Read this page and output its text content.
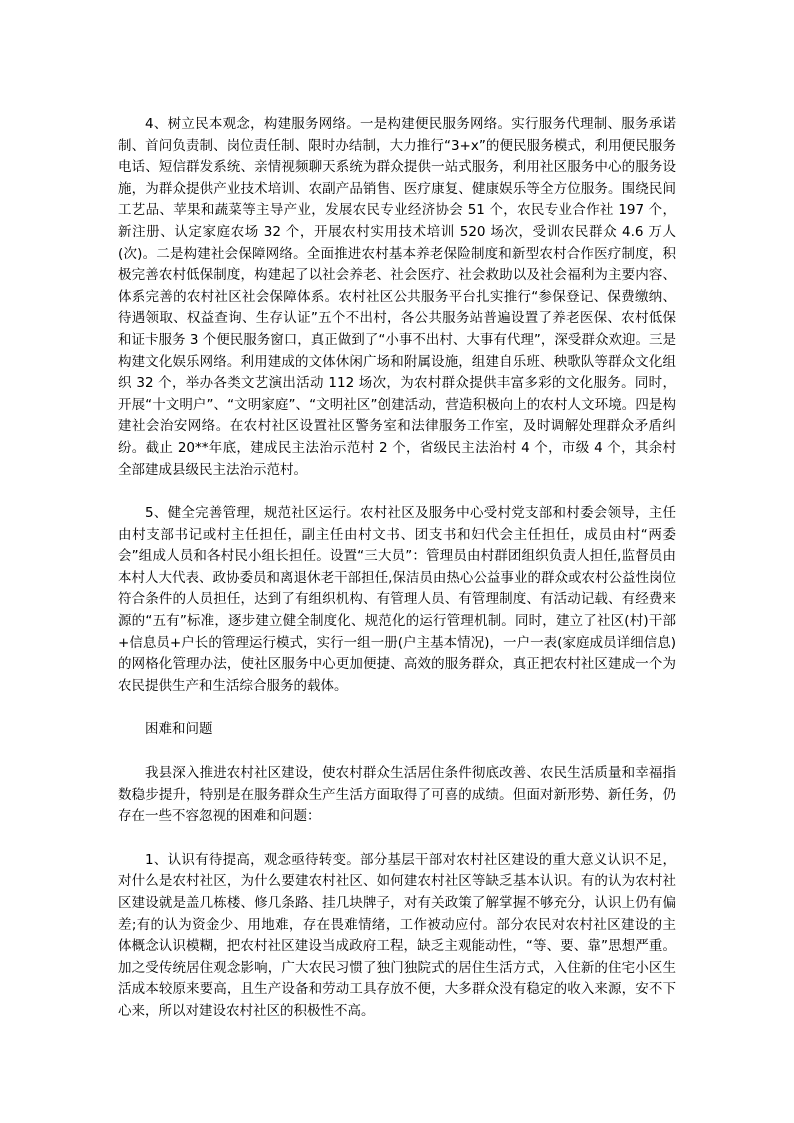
4、树立民本观念，构建服务网络。一是构建便民服务网络。实行服务代理制、服务承诺制、首问负责制、岗位责任制、限时办结制，大力推行“3+x”的便民服务模式，利用便民服务电话、短信群发系统、亲情视频聊天系统为群众提供一站式服务，利用社区服务中心的服务设施，为群众提供产业技术培训、农副产品销售、医疗康复、健康娱乐等全方位服务。围绕民间工艺品、苹果和蔬菜等主导产业，发展农民专业经济协会 51 个，农民专业合作社 197 个，新注册、认定家庭农场 32 个，开展农村实用技术培训 520 场次，受训农民群众 4.6 万人(次)。二是构建社会保障网络。全面推进农村基本养老保险制度和新型农村合作医疗制度，积极完善农村低保制度，构建起了以社会养老、社会医疗、社会救助以及社会福利为主要内容、体系完善的农村社区社会保障体系。农村社区公共服务平台扎实推行“参保登记、保费缴纳、待遇领取、权益查询、生存认证”五个不出村，各公共服务站普遍设置了养老医保、农村低保和证卡服务 3 个便民服务窗口，真正做到了“小事不出村、大事有代理”，深受群众欢迎。三是构建文化娱乐网络。利用建成的文体休闲广场和附属设施，组建自乐班、秧歌队等群众文化组织 32 个，举办各类文艺演出活动 112 场次，为农村群众提供丰富多彩的文化服务。同时，开展“十文明户”、“文明家庭”、“文明社区”创建活动，营造积极向上的农村人文环境。四是构建社会治安网络。在农村社区设置社区警务室和法律服务工作室，及时调解处理群众矛盾纠纷。截止 20**年底，建成民主法治示范村 2 个，省级民主法治村 4 个，市级 4 个，其余村全部建成县级民主法治示范村。

5、健全完善管理，规范社区运行。农村社区及服务中心受村党支部和村委会领导，主任由村支部书记或村主任担任，副主任由村文书、团支书和妇代会主任担任，成员由村“两委会”组成人员和各村民小组长担任。设置“三大员”：管理员由村群团组织负责人担任,监督员由本村人大代表、政协委员和离退休老干部担任,保洁员由热心公益事业的群众或农村公益性岗位符合条件的人员担任，达到了有组织机构、有管理人员、有管理制度、有活动记载、有经费来源的“五有”标准，逐步建立健全制度化、规范化的运行管理机制。同时，建立了社区(村)干部+信息员+户长的管理运行模式，实行一组一册(户主基本情况)，一户一表(家庭成员详细信息)的网格化管理办法，使社区服务中心更加便捷、高效的服务群众，真正把农村社区建成一个为农民提供生产和生活综合服务的载体。

困难和问题

我县深入推进农村社区建设，使农村群众生活居住条件彻底改善、农民生活质量和幸福指数稳步提升，特别是在服务群众生产生活方面取得了可喜的成绩。但面对新形势、新任务，仍存在一些不容忽视的困难和问题：

1、认识有待提高，观念亟待转变。部分基层干部对农村社区建设的重大意义认识不足，对什么是农村社区，为什么要建农村社区、如何建农村社区等缺乏基本认识。有的认为农村社区建设就是盖几栋楼、修几条路、挂几块牌子，对有关政策了解掌握不够充分，认识上仍有偏差;有的认为资金少、用地难，存在畏难情绪，工作被动应付。部分农民对农村社区建设的主体概念认识模糊，把农村社区建设当成政府工程，缺乏主观能动性，“等、要、靠”思想严重。加之受传统居住观念影响，广大农民习惯了独门独院式的居住生活方式，入住新的住宅小区生活成本较原来要高，且生产设备和劳动工具存放不便，大多群众没有稳定的收入来源，安不下心来，所以对建设农村社区的积极性不高。
